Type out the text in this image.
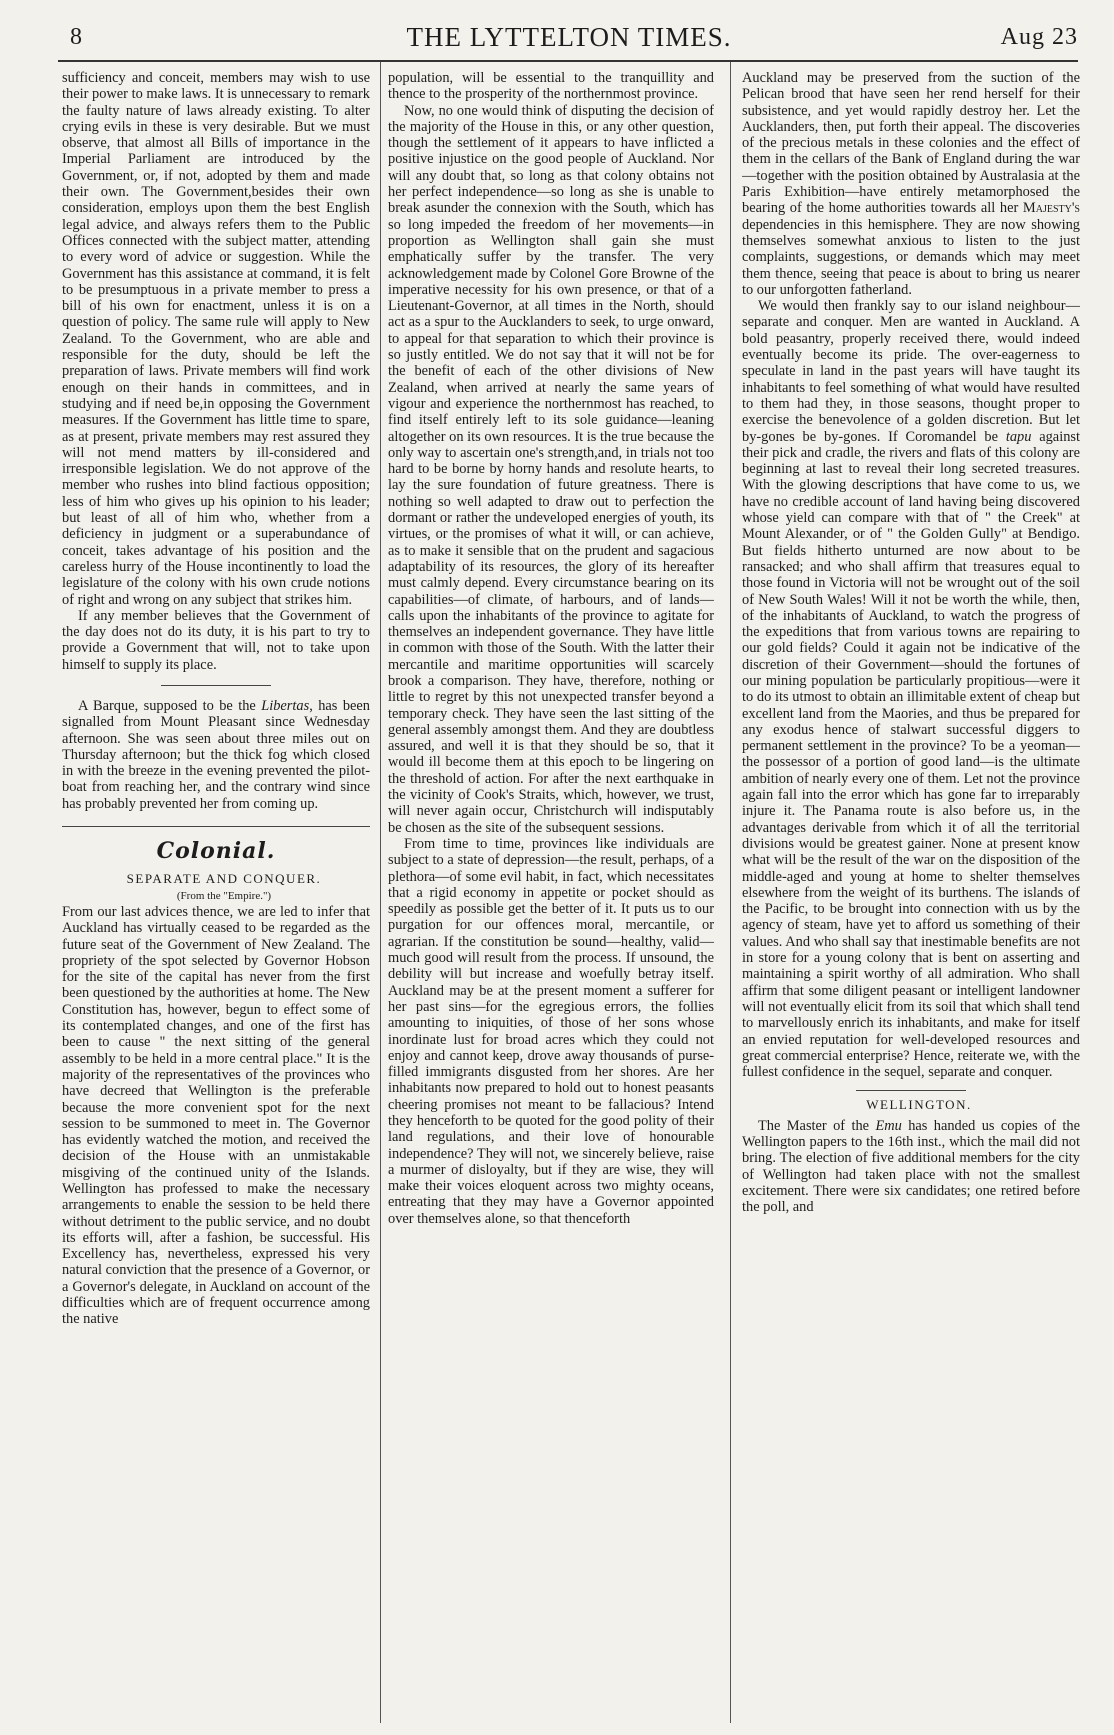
8	THE LYTTELTON TIMES.	Aug 23

sufficiency and conceit, members may wish to use their power to make laws. It is unnecessary to remark the faulty nature of laws already existing. To alter crying evils in these is very desirable. But we must observe, that almost all Bills of importance in the Imperial Parliament are introduced by the Government, or, if not, adopted by them and made their own. The Government,besides their own consideration, employs upon them the best English legal advice, and always refers them to the Public Offices connected with the subject matter, attending to every word of advice or suggestion. While the Government has this assistance at command, it is felt to be presumptuous in a private member to press a bill of his own for enactment, unless it is on a question of policy. The same rule will apply to New Zealand. To the Government, who are able and responsible for the duty, should be left the preparation of laws. Private members will find work enough on their hands in committees, and in studying and if need be,in opposing the Government measures. If the Government has little time to spare, as at present, private members may rest assured they will not mend matters by ill-considered and irresponsible legislation. We do not approve of the member who rushes into blind factious opposition; less of him who gives up his opinion to his leader; but least of all of him who, whether from a deficiency in judgment or a superabundance of conceit, takes advantage of his position and the careless hurry of the House incontinently to load the legislature of the colony with his own crude notions of right and wrong on any subject that strikes him.

If any member believes that the Government of the day does not do its duty, it is his part to try to provide a Government that will, not to take upon himself to supply its place.

A Barque, supposed to be the Libertas, has been signalled from Mount Pleasant since Wednesday afternoon. She was seen about three miles out on Thursday afternoon; but the thick fog which closed in with the breeze in the evening prevented the pilot-boat from reaching her, and the contrary wind since has probably prevented her from coming up.

Colonial.

SEPARATE AND CONQUER.

(From the "Empire.")

From our last advices thence, we are led to infer that Auckland has virtually ceased to be regarded as the future seat of the Government of New Zealand. The propriety of the spot selected by Governor Hobson for the site of the capital has never from the first been questioned by the authorities at home. The New Constitution has, however, begun to effect some of its contemplated changes, and one of the first has been to cause " the next sitting of the general assembly to be held in a more central place." It is the majority of the representatives of the provinces who have decreed that Wellington is the preferable because the more convenient spot for the next session to be summoned to meet in. The Governor has evidently watched the motion, and received the decision of the House with an unmistakable misgiving of the continued unity of the Islands. Wellington has professed to make the necessary arrangements to enable the session to be held there without detriment to the public service, and no doubt its efforts will, after a fashion, be successful. His Excellency has, nevertheless, expressed his very natural conviction that the presence of a Governor, or a Governor's delegate, in Auckland on account of the difficulties which are of frequent occurrence among the native

population, will be essential to the tranquillity and thence to the prosperity of the northernmost province.

Now, no one would think of disputing the decision of the majority of the House in this, or any other question, though the settlement of it appears to have inflicted a positive injustice on the good people of Auckland. Nor will any doubt that, so long as that colony obtains not her perfect independence—so long as she is unable to break asunder the connexion with the South, which has so long impeded the freedom of her movements—in proportion as Wellington shall gain she must emphatically suffer by the transfer. The very acknowledgement made by Colonel Gore Browne of the imperative necessity for his own presence, or that of a Lieutenant-Governor, at all times in the North, should act as a spur to the Aucklanders to seek, to urge onward, to appeal for that separation to which their province is so justly entitled. We do not say that it will not be for the benefit of each of the other divisions of New Zealand, when arrived at nearly the same years of vigour and experience the northernmost has reached, to find itself entirely left to its sole guidance—leaning altogether on its own resources. It is the true because the only way to ascertain one's strength,and, in trials not too hard to be borne by horny hands and resolute hearts, to lay the sure foundation of future greatness. There is nothing so well adapted to draw out to perfection the dormant or rather the undeveloped energies of youth, its virtues, or the promises of what it will, or can achieve, as to make it sensible that on the prudent and sagacious adaptability of its resources, the glory of its hereafter must calmly depend. Every circumstance bearing on its capabilities—of climate, of harbours, and of lands—calls upon the inhabitants of the province to agitate for themselves an independent governance. They have little in common with those of the South. With the latter their mercantile and maritime opportunities will scarcely brook a comparison. They have, therefore, nothing or little to regret by this not unexpected transfer beyond a temporary check. They have seen the last sitting of the general assembly amongst them. And they are doubtless assured, and well it is that they should be so, that it would ill become them at this epoch to be lingering on the threshold of action. For after the next earthquake in the vicinity of Cook's Straits, which, however, we trust, will never again occur, Christchurch will indisputably be chosen as the site of the subsequent sessions.

From time to time, provinces like individuals are subject to a state of depression—the result, perhaps, of a plethora—of some evil habit, in fact, which necessitates that a rigid economy in appetite or pocket should as speedily as possible get the better of it. It puts us to our purgation for our offences moral, mercantile, or agrarian. If the constitution be sound—healthy, valid—much good will result from the process. If unsound, the debility will but increase and woefully betray itself. Auckland may be at the present moment a sufferer for her past sins—for the egregious errors, the follies amounting to iniquities, of those of her sons whose inordinate lust for broad acres which they could not enjoy and cannot keep, drove away thousands of purse-filled immigrants disgusted from her shores. Are her inhabitants now prepared to hold out to honest peasants cheering promises not meant to be fallacious? Intend they henceforth to be quoted for the good polity of their land regulations, and their love of honourable independence? They will not, we sincerely believe, raise a murmer of disloyalty, but if they are wise, they will make their voices eloquent across two mighty oceans, entreating that they may have a Governor appointed over themselves alone, so that thenceforth

Auckland may be preserved from the suction of the Pelican brood that have seen her rend herself for their subsistence, and yet would rapidly destroy her. Let the Aucklanders, then, put forth their appeal. The discoveries of the precious metals in these colonies and the effect of them in the cellars of the Bank of England during the war—together with the position obtained by Australasia at the Paris Exhibition—have entirely metamorphosed the bearing of the home authorities towards all her Majesty's dependencies in this hemisphere. They are now showing themselves somewhat anxious to listen to the just complaints, suggestions, or demands which may meet them thence, seeing that peace is about to bring us nearer to our unforgotten fatherland.

We would then frankly say to our island neighbour—separate and conquer. Men are wanted in Auckland. A bold peasantry, properly received there, would indeed eventually become its pride. The over-eagerness to speculate in land in the past years will have taught its inhabitants to feel something of what would have resulted to them had they, in those seasons, thought proper to exercise the benevolence of a golden discretion. But let by-gones be by-gones. If Coromandel be tapu against their pick and cradle, the rivers and flats of this colony are beginning at last to reveal their long secreted treasures. With the glowing descriptions that have come to us, we have no credible account of land having being discovered whose yield can compare with that of " the Creek" at Mount Alexander, or of " the Golden Gully" at Bendigo. But fields hitherto unturned are now about to be ransacked; and who shall affirm that treasures equal to those found in Victoria will not be wrought out of the soil of New South Wales! Will it not be worth the while, then, of the inhabitants of Auckland, to watch the progress of the expeditions that from various towns are repairing to our gold fields? Could it again not be indicative of the discretion of their Government—should the fortunes of our mining population be particularly propitious—were it to do its utmost to obtain an illimitable extent of cheap but excellent land from the Maories, and thus be prepared for any exodus hence of stalwart successful diggers to permanent settlement in the province? To be a yeoman—the possessor of a portion of good land—is the ultimate ambition of nearly every one of them. Let not the province again fall into the error which has gone far to irreparably injure it. The Panama route is also before us, in the advantages derivable from which it of all the territorial divisions would be greatest gainer. None at present know what will be the result of the war on the disposition of the middle-aged and young at home to shelter themselves elsewhere from the weight of its burthens. The islands of the Pacific, to be brought into connection with us by the agency of steam, have yet to afford us something of their values. And who shall say that inestimable benefits are not in store for a young colony that is bent on asserting and maintaining a spirit worthy of all admiration. Who shall affirm that some diligent peasant or intelligent landowner will not eventually elicit from its soil that which shall tend to marvellously enrich its inhabitants, and make for itself an envied reputation for well-developed resources and great commercial enterprise? Hence, reiterate we, with the fullest confidence in the sequel, separate and conquer.

WELLINGTON.

The Master of the Emu has handed us copies of the Wellington papers to the 16th inst., which the mail did not bring. The election of five additional members for the city of Wellington had taken place with not the smallest excitement. There were six candidates; one retired before the poll, and
